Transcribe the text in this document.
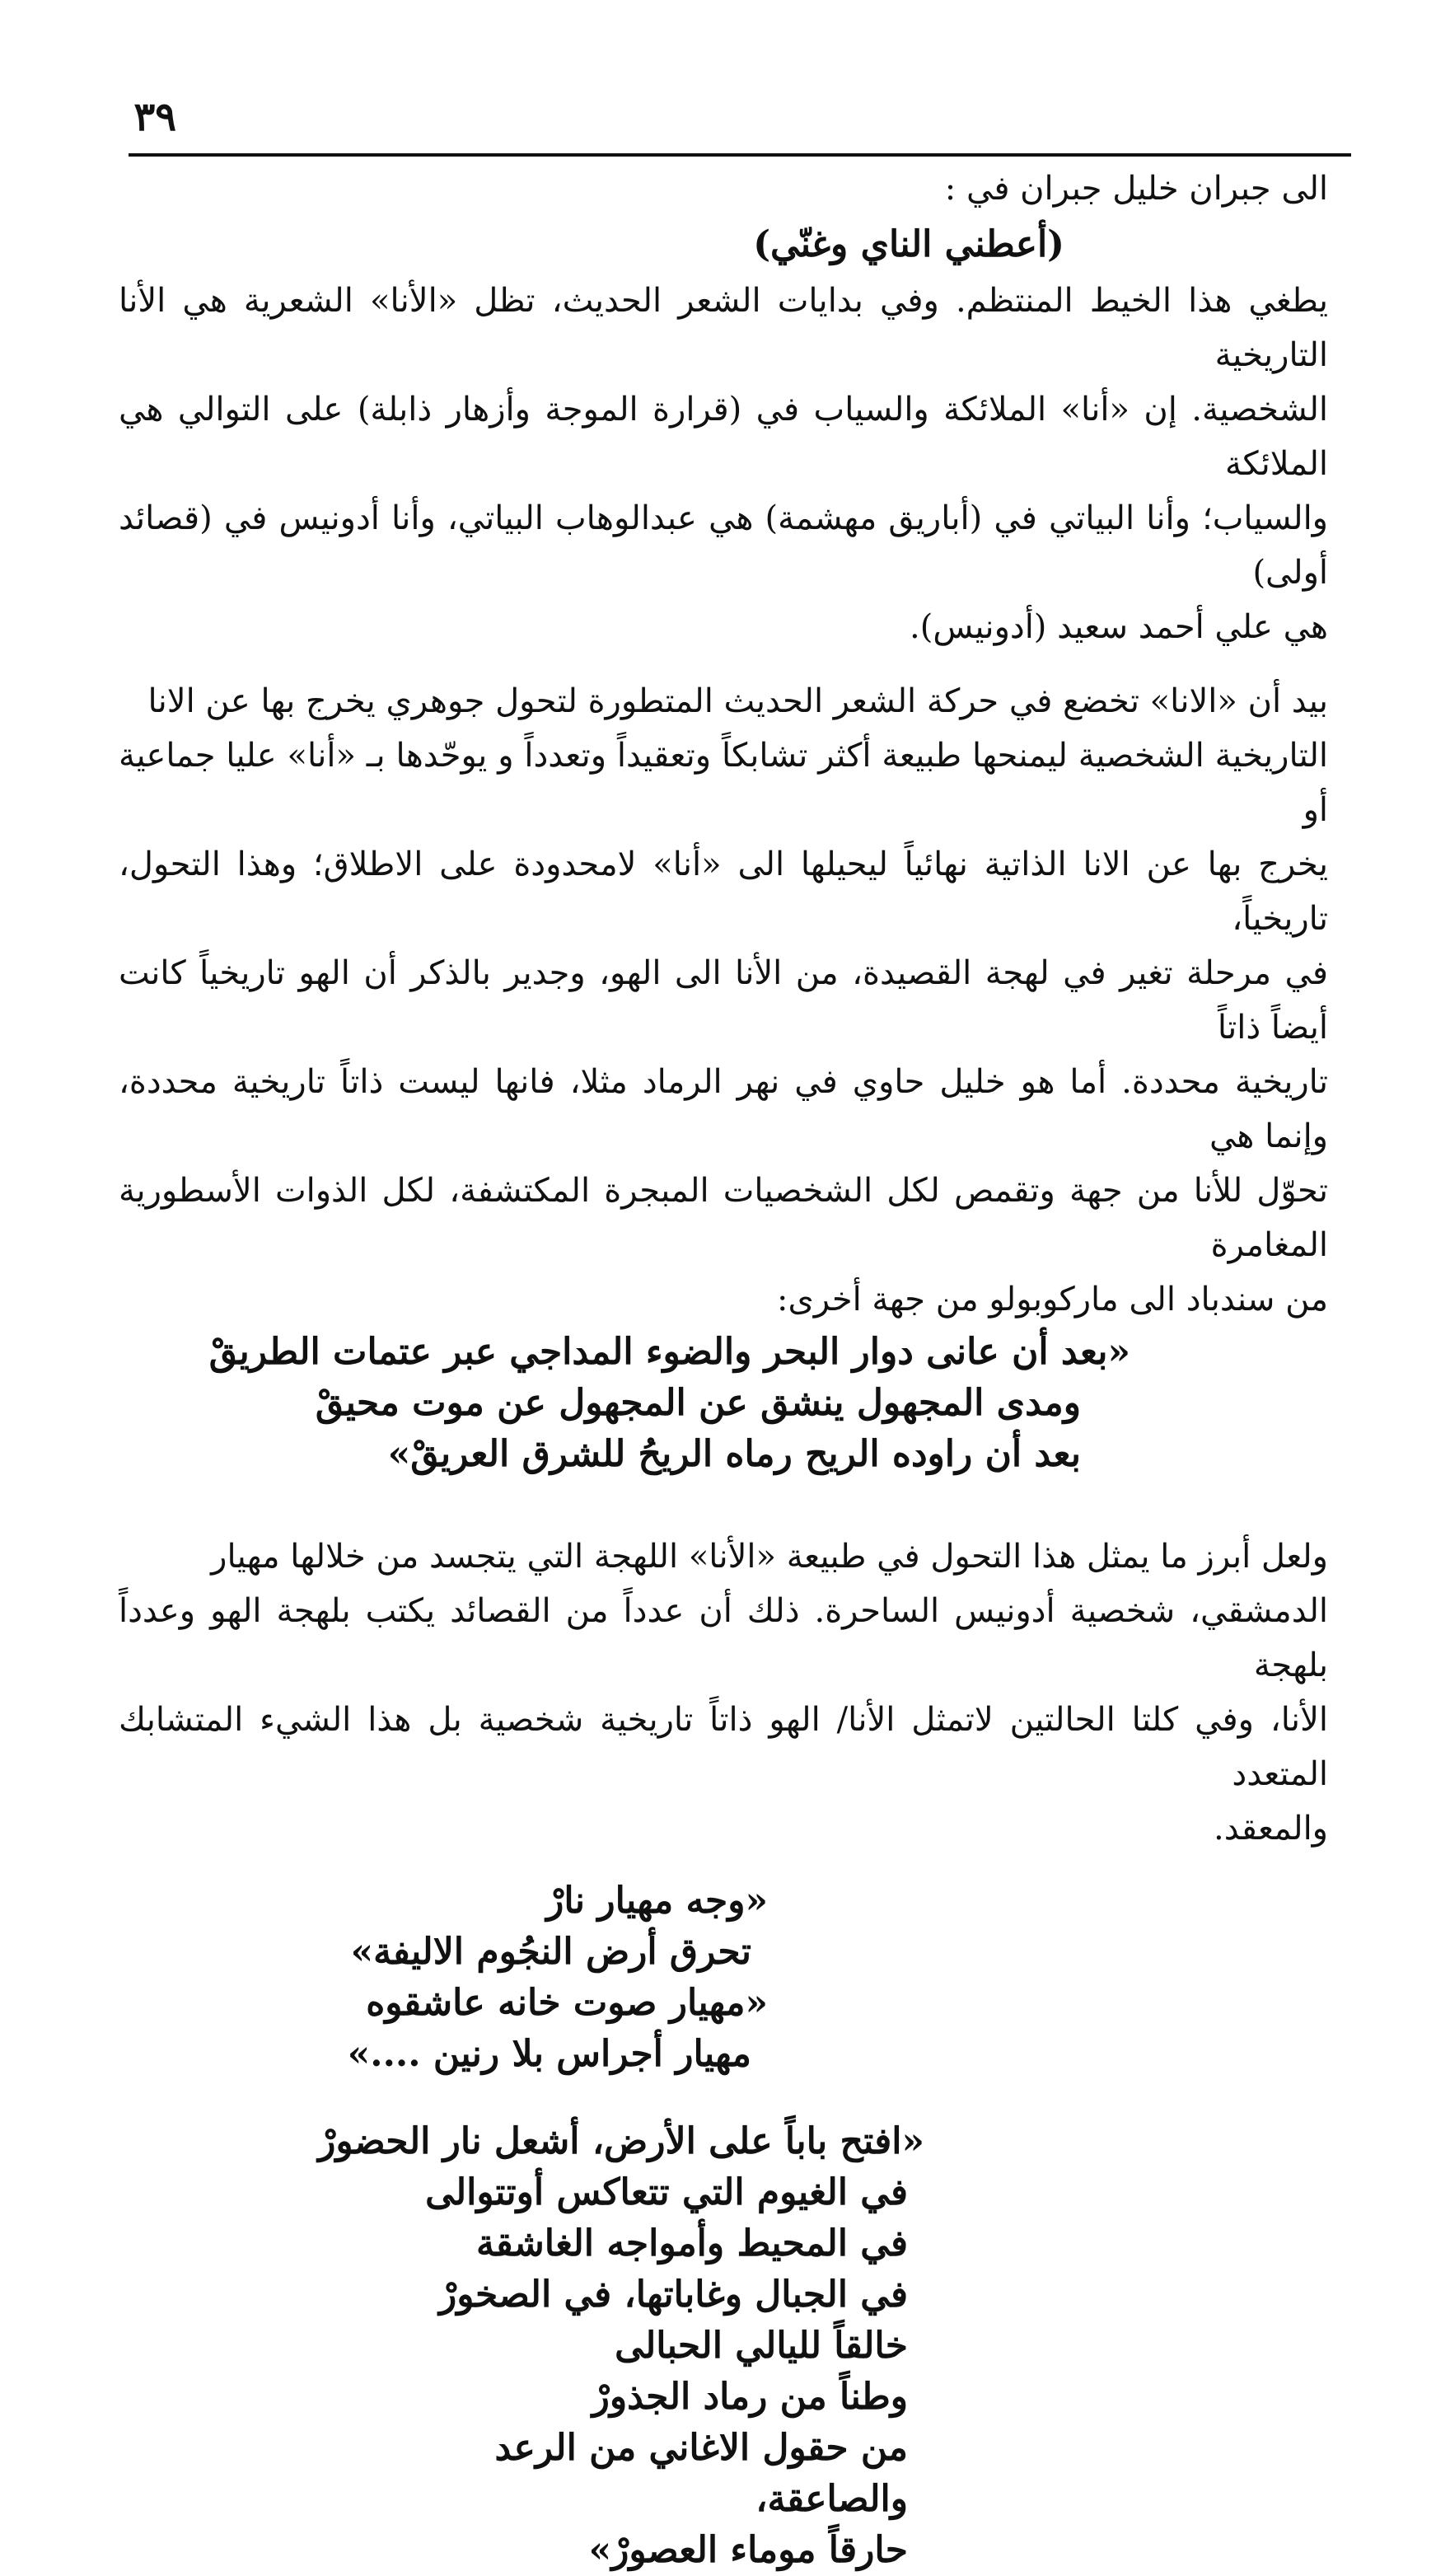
٣٩

الى جبران خليل جبران في :

(أعطني الناي وغنّي)

يطغي هذا الخيط المنتظم. وفي بدايات الشعر الحديث، تظل «الأنا» الشعرية هي الأنا التاريخية

الشخصية. إن «أنا» الملائكة والسياب في (قرارة الموجة وأزهار ذابلة) على التوالي هي الملائكة

والسياب؛ وأنا البياتي في (أباريق مهشمة) هي عبدالوهاب البياتي، وأنا أدونيس في (قصائد أولى)

هي علي أحمد سعيد (أدونيس).

بيد أن «الانا» تخضع في حركة الشعر الحديث المتطورة لتحول جوهري يخرج بها عن الانا

التاريخية الشخصية ليمنحها طبيعة أكثر تشابكاً وتعقيداً وتعدداً و يوحّدها بـ «أنا» عليا جماعية أو

يخرج بها عن الانا الذاتية نهائياً ليحيلها الى «أنا» لامحدودة على الاطلاق؛ وهذا التحول، تاريخياً،

في مرحلة تغير في لهجة القصيدة، من الأنا الى الهو، وجدير بالذكر أن الهو تاريخياً كانت أيضاً ذاتاً

تاريخية محددة. أما هو خليل حاوي في نهر الرماد مثلا، فانها ليست ذاتاً تاريخية محددة، وإنما هي

تحوّل للأنا من جهة وتقمص لكل الشخصيات المبجرة المكتشفة، لكل الذوات الأسطورية المغامرة

من سندباد الى ماركوبولو من جهة أخرى:

«بعد أن عانى دوار البحر والضوء المداجي عبر عتمات الطريقْ

ومدى المجهول ينشق عن المجهول عن موت محيقْ

بعد أن راوده الريح رماه الريحُ للشرق العريقْ»

ولعل أبرز ما يمثل هذا التحول في طبيعة «الأنا» اللهجة التي يتجسد من خلالها مهيار

الدمشقي، شخصية أدونيس الساحرة. ذلك أن عدداً من القصائد يكتب بلهجة الهو وعدداً بلهجة

الأنا، وفي كلتا الحالتين لاتمثل الأنا/ الهو ذاتاً تاريخية شخصية بل هذا الشيء المتشابك المتعدد

والمعقد.

«وجه مهيار نارْ

تحرق أرض النجُوم الاليفة»

«مهيار صوت خانه عاشقوه

مهيار أجراس بلا رنين ....»

«افتح باباً على الأرض، أشعل نار الحضورْ

في الغيوم التي تتعاكس أوتتوالى

في المحيط وأمواجه الغاشقة

في الجبال وغاباتها، في الصخورْ

خالقاً لليالي الحبالى

وطناً من رماد الجذورْ

من حقول الاغاني من الرعد

والصاعقة،

حارقاً موماء العصورْ»
